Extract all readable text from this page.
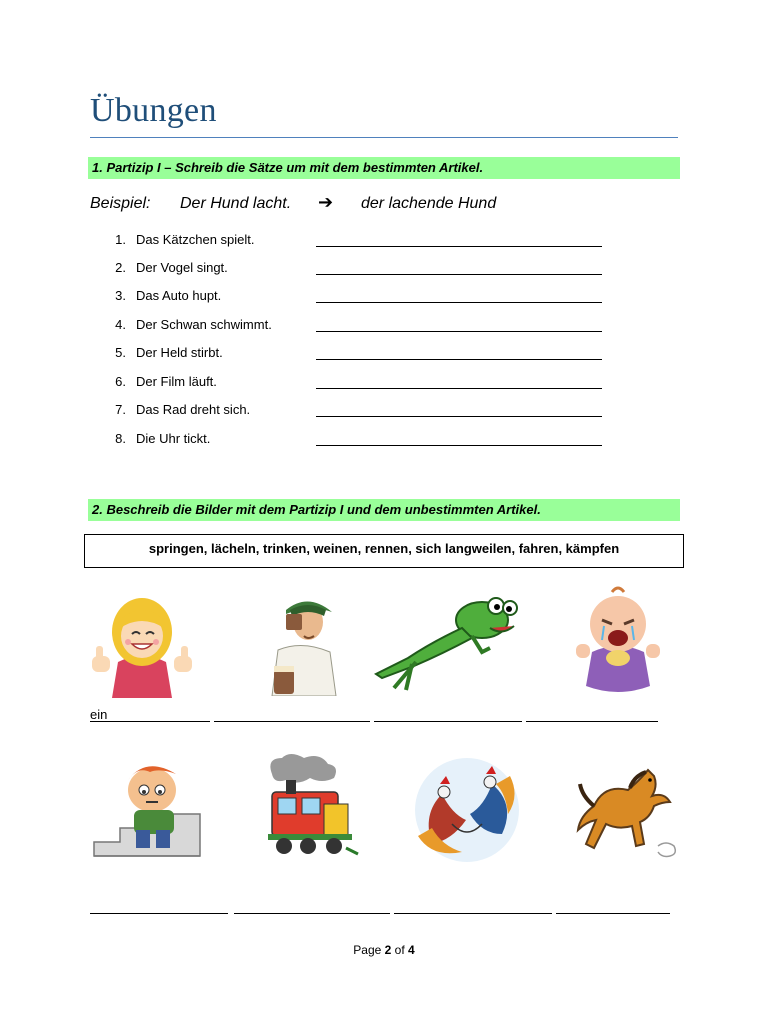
Übungen
1. Partizip I – Schreib die Sätze um mit dem bestimmten Artikel.
Beispiel: Der Hund lacht. ➔ der lachende Hund
1. Das Kätzchen spielt.
2. Der Vogel singt.
3. Das Auto hupt.
4. Der Schwan schwimmt.
5. Der Held stirbt.
6. Der Film läuft.
7. Das Rad dreht sich.
8. Die Uhr tickt.
2. Beschreib die Bilder mit dem Partizip I und dem unbestimmten Artikel.
springen, lächeln, trinken, weinen, rennen, sich langweilen, fahren, kämpfen
ein
Page 2 of 4
